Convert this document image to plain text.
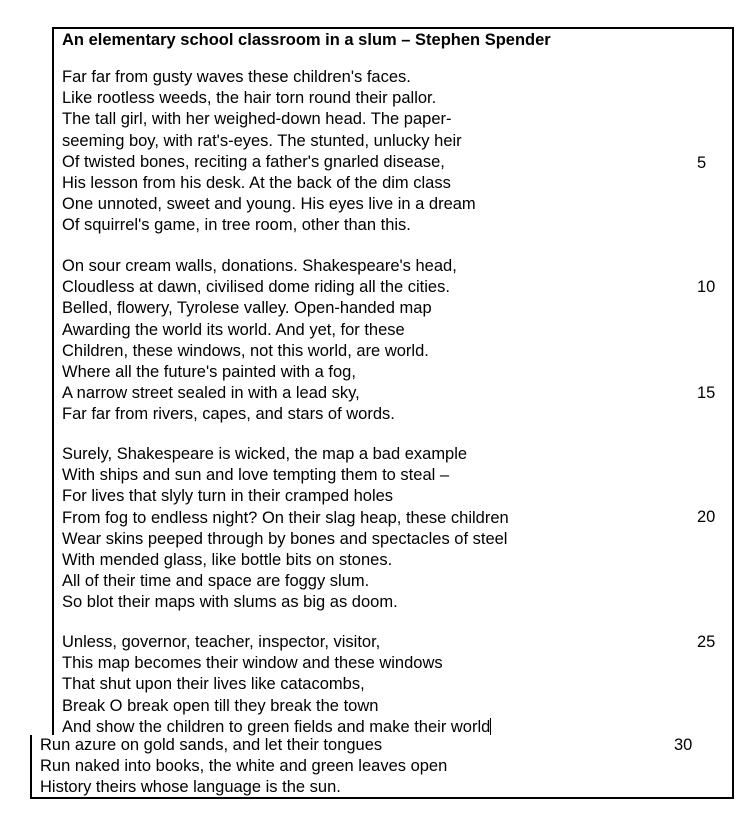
An elementary school classroom in a slum – Stephen Spender
Far far from gusty waves these children's faces.
Like rootless weeds, the hair torn round their pallor.
The tall girl, with her weighed-down head. The paper-
seeming boy, with rat's-eyes. The stunted, unlucky heir
Of twisted bones, reciting a father's gnarled disease,
His lesson from his desk. At the back of the dim class
One unnoted, sweet and young. His eyes live in a dream
Of squirrel's game, in tree room, other than this.
On sour cream walls, donations. Shakespeare's head,
Cloudless at dawn, civilised dome riding all the cities.
Belled, flowery, Tyrolese valley. Open-handed map
Awarding the world its world. And yet, for these
Children, these windows, not this world, are world.
Where all the future's painted with a fog,
A narrow street sealed in with a lead sky,
Far far from rivers, capes, and stars of words.
Surely, Shakespeare is wicked, the map a bad example
With ships and sun and love tempting them to steal –
For lives that slyly turn in their cramped holes
From fog to endless night? On their slag heap, these children
Wear skins peeped through by bones and spectacles of steel
With mended glass, like bottle bits on stones.
All of their time and space are foggy slum.
So blot their maps with slums as big as doom.
Unless, governor, teacher, inspector, visitor,
This map becomes their window and these windows
That shut upon their lives like catacombs,
Break O break open till they break the town
And show the children to green fields and make their world
Run azure on gold sands, and let their tongues
Run naked into books, the white and green leaves open
History theirs whose language is the sun.
5
10
15
20
25
30
